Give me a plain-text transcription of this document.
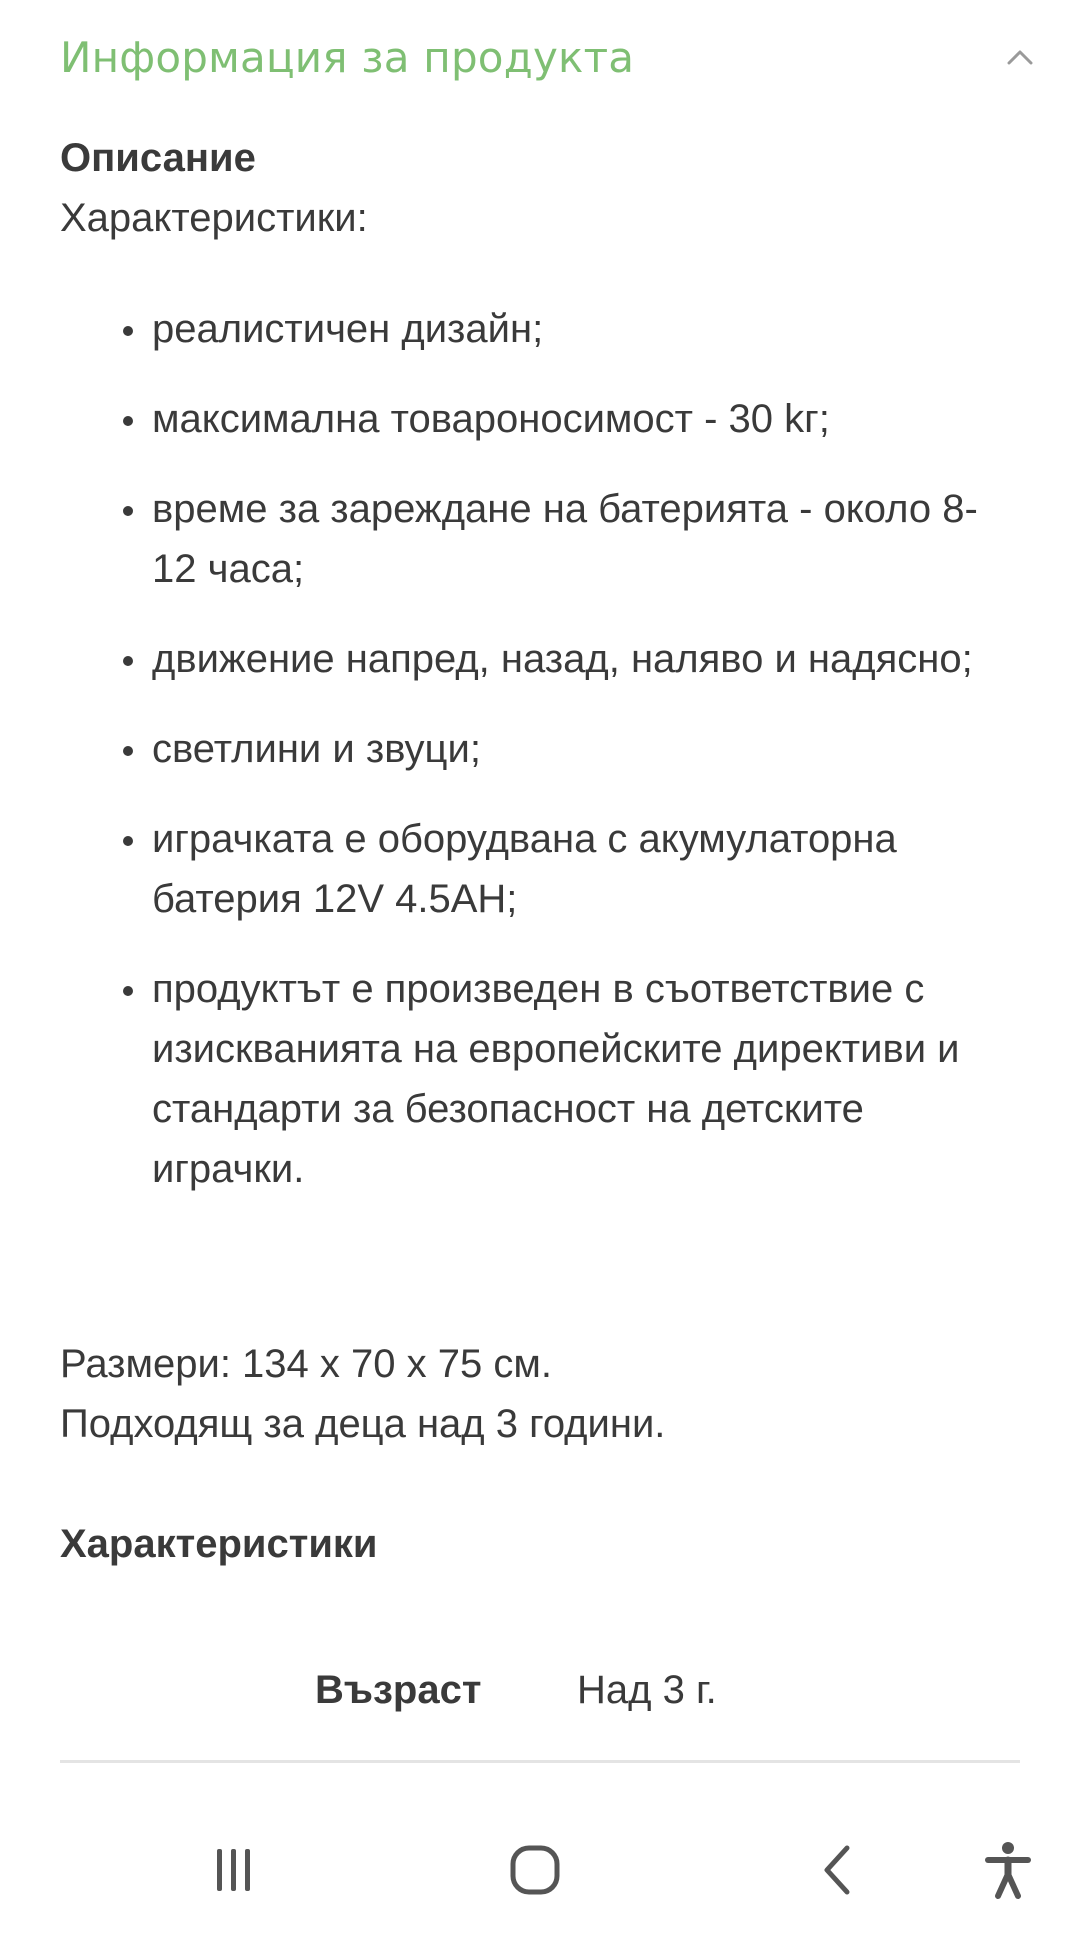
Информация за продукта

Описание

Характеристики:

реалистичен дизайн;
максимална товароносимост - 30 kг;
време за зареждане на батерията - около 8-12 часа;
движение напред, назад, наляво и надясно;
светлини и звуци;
играчката е оборудвана с акумулаторна батерия 12V 4.5AH;
продуктът е произведен в съответствие с изискванията на европейските директиви и стандарти за безопасност на детските играчки.
Размери: 134 х 70 х 75 см.
Подходящ за деца над 3 години.
Характеристики
Възраст Над 3 г.
